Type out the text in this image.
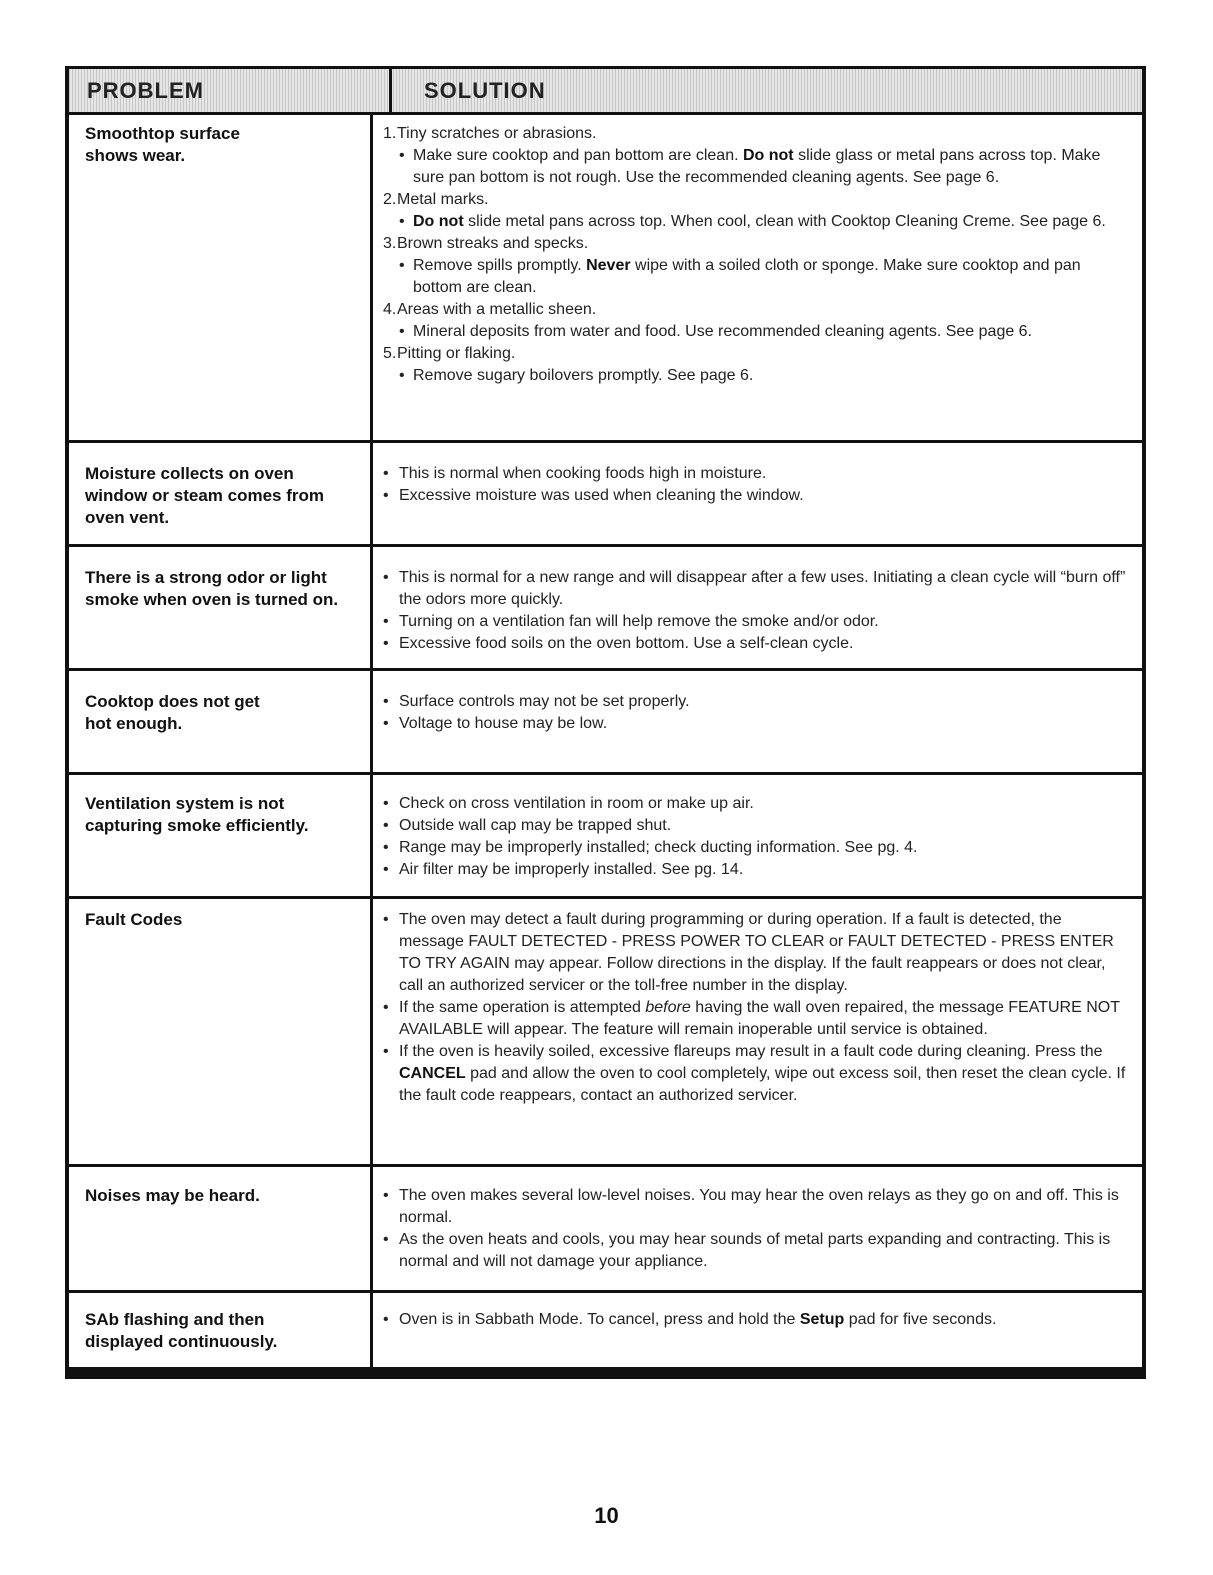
PROBLEM	SOLUTION
Smoothtop surface
shows wear.
1.Tiny scratches or abrasions.
• Make sure cooktop and pan bottom are clean. Do not slide glass or metal pans across top. Make sure pan bottom is not rough. Use the recommended cleaning agents. See page 6.
2.Metal marks.
• Do not slide metal pans across top. When cool, clean with Cooktop Cleaning Creme. See page 6.
3.Brown streaks and specks.
• Remove spills promptly. Never wipe with a soiled cloth or sponge. Make sure cooktop and pan bottom are clean.
4.Areas with a metallic sheen.
• Mineral deposits from water and food. Use recommended cleaning agents. See page 6.
5.Pitting or flaking.
• Remove sugary boilovers promptly. See page 6.
Moisture collects on oven
window or steam comes from
oven vent.
• This is normal when cooking foods high in moisture.
• Excessive moisture was used when cleaning the window.
There is a strong odor or light
smoke when oven is turned on.
• This is normal for a new range and will disappear after a few uses. Initiating a clean cycle will “burn off” the odors more quickly.
• Turning on a ventilation fan will help remove the smoke and/or odor.
• Excessive food soils on the oven bottom. Use a self-clean cycle.
Cooktop does not get
hot enough.
• Surface controls may not be set properly.
• Voltage to house may be low.
Ventilation system is not
capturing smoke efficiently.
• Check on cross ventilation in room or make up air.
• Outside wall cap may be trapped shut.
• Range may be improperly installed; check ducting information. See pg. 4.
• Air filter may be improperly installed. See pg. 14.
Fault Codes	• The oven may detect a fault during programming or during operation. If a fault is detected, the message FAULT DETECTED - PRESS POWER TO CLEAR or FAULT DETECTED - PRESS ENTER TO TRY AGAIN may appear. Follow directions in the display. If the fault reappears or does not clear, call an authorized servicer or the toll-free number in the display.
• If the same operation is attempted before having the wall oven repaired, the message FEATURE NOT AVAILABLE will appear. The feature will remain inoperable until service is obtained.
• If the oven is heavily soiled, excessive flareups may result in a fault code during cleaning. Press the CANCEL pad and allow the oven to cool completely, wipe out excess soil, then reset the clean cycle. If the fault code reappears, contact an authorized servicer.
Noises may be heard.	• The oven makes several low-level noises. You may hear the oven relays as they go on and off. This is normal.
• As the oven heats and cools, you may hear sounds of metal parts expanding and contracting. This is normal and will not damage your appliance.
SAb flashing and then
displayed continuously.
• Oven is in Sabbath Mode. To cancel, press and hold the Setup pad for five seconds.
10
